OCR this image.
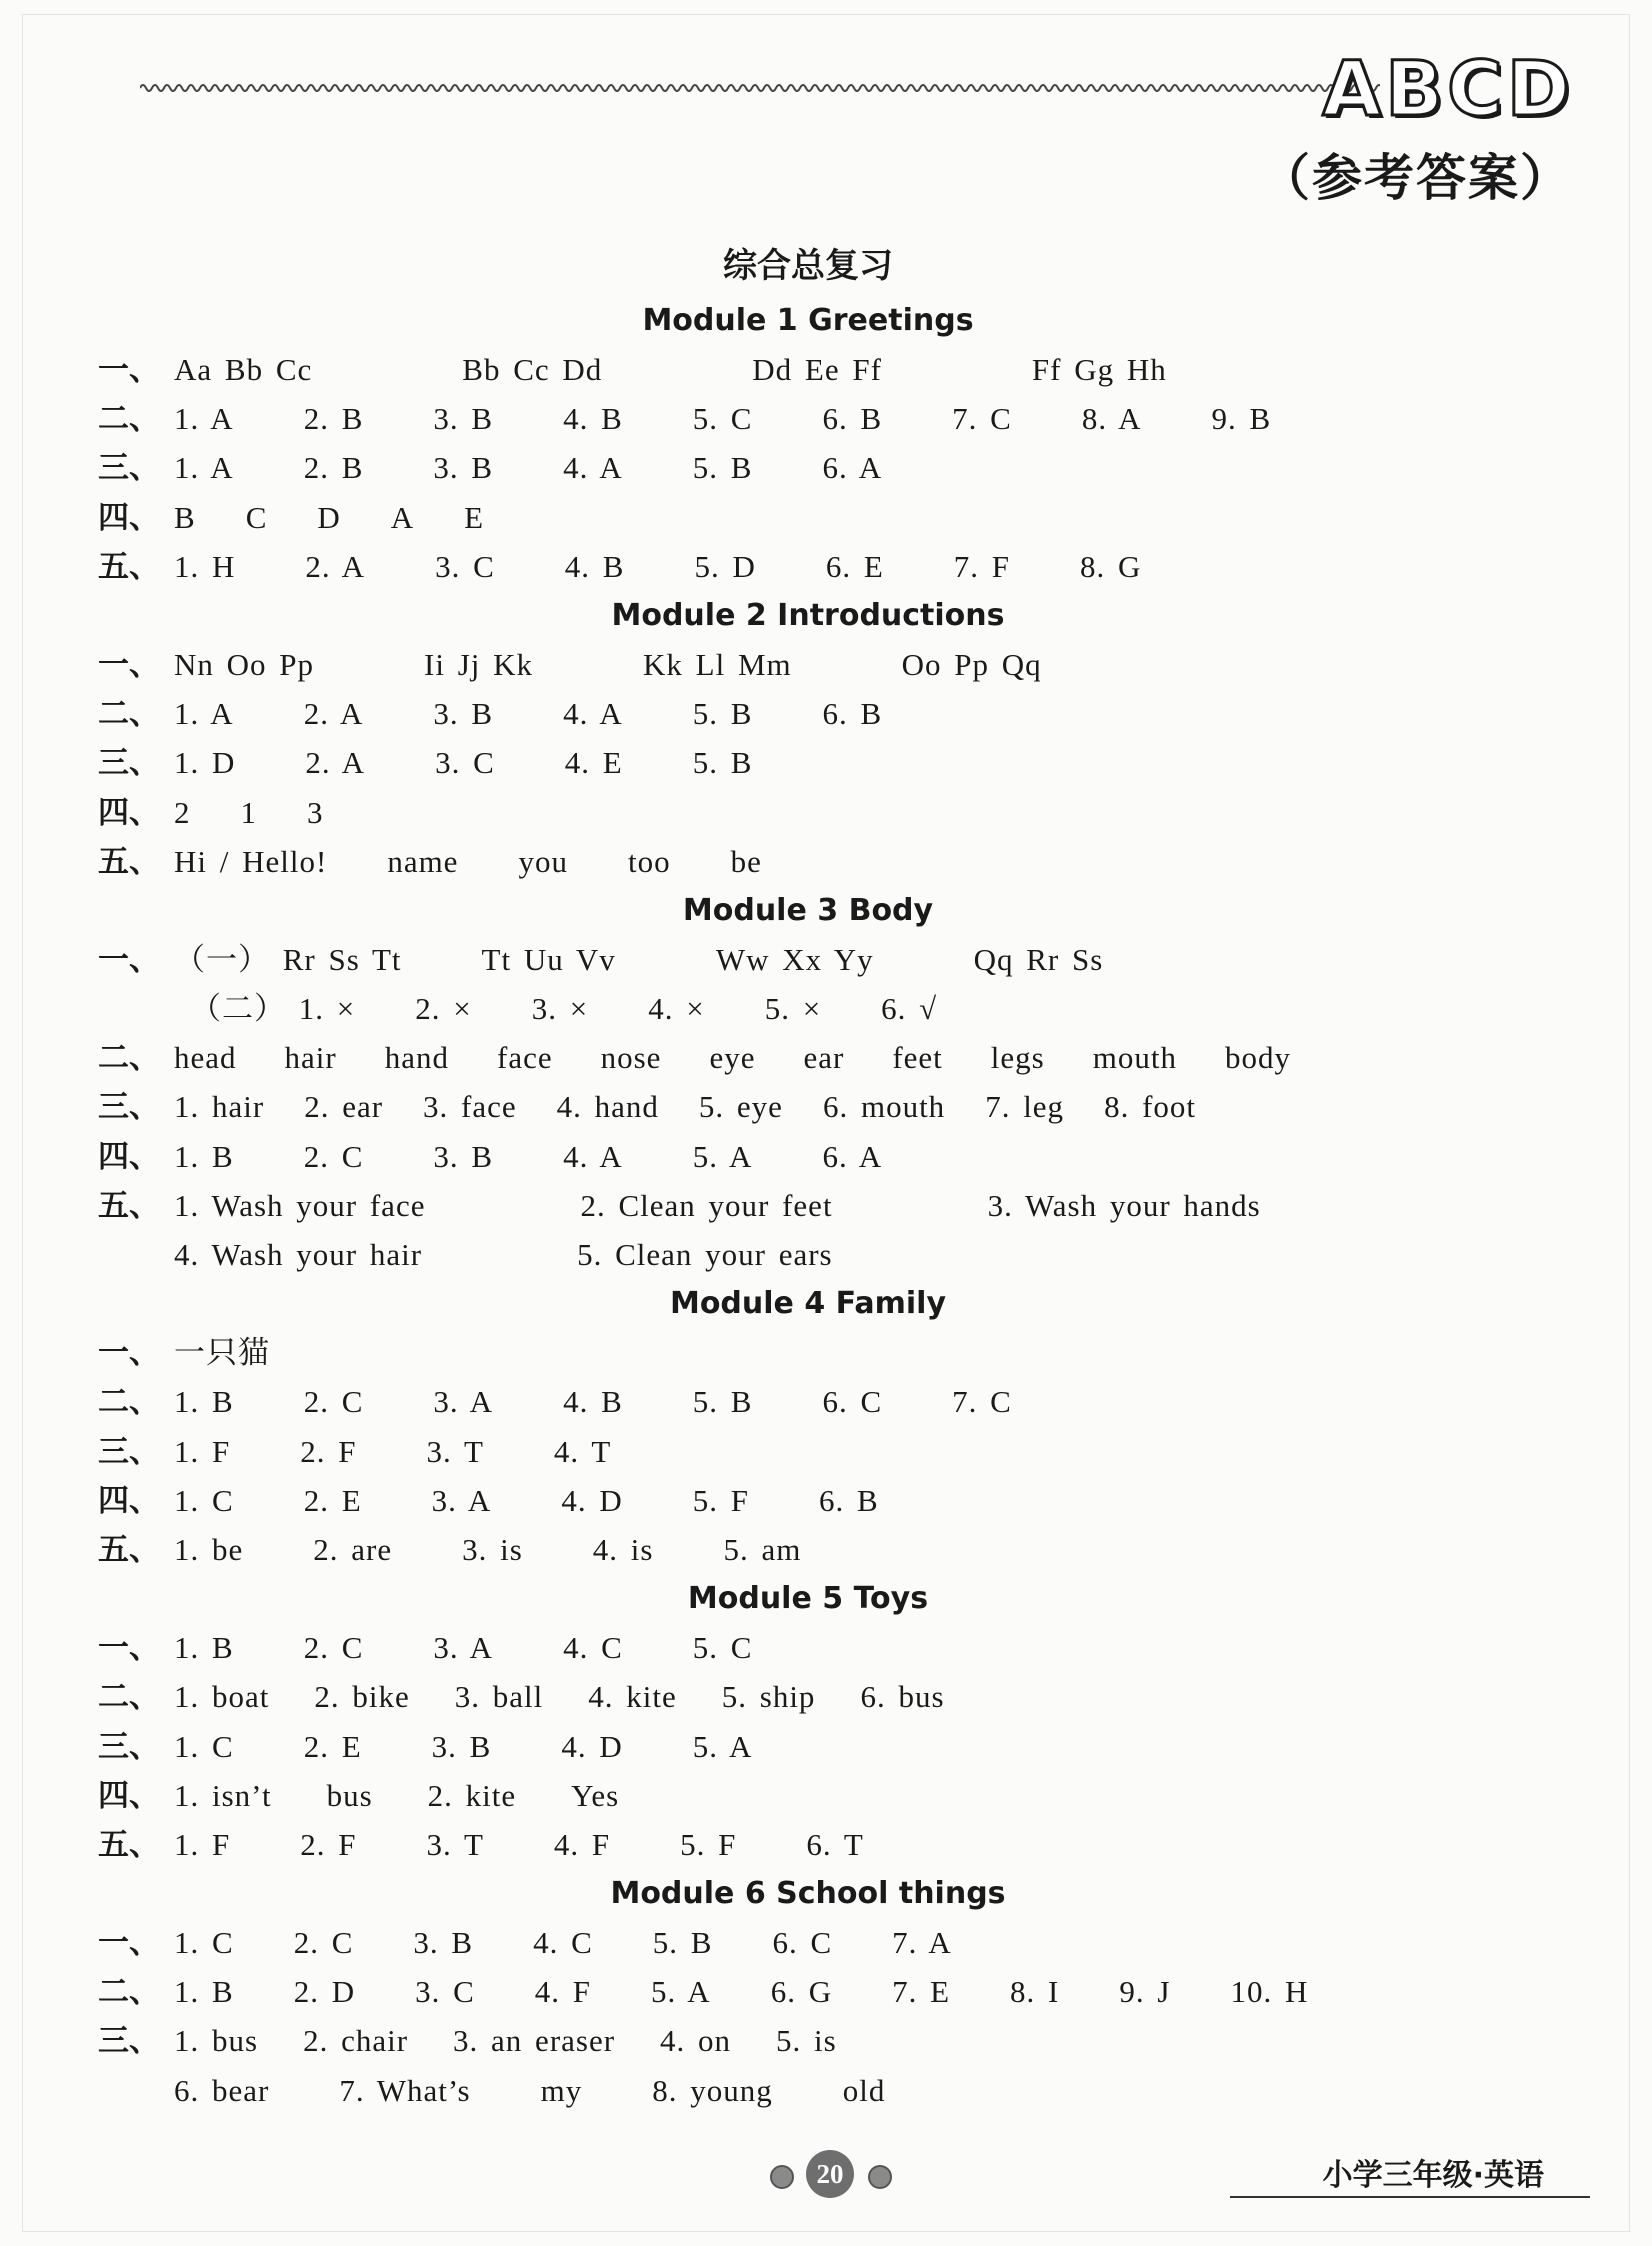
ABCD
（参考答案）
综合总复习
Module 1 Greetings
一、 Aa Bb Cc	Bb Cc Dd	Dd Ee Ff	Ff Gg Hh
二、 1. A 2. B 3. B 4. B 5. C 6. B 7. C 8. A 9. B
三、 1. A 2. B 3. B 4. A 5. B 6. A
四、 B C D A E
五、 1. H 2. A 3. C 4. B 5. D 6. E 7. F 8. G
Module 2 Introductions
一、 Nn Oo Pp	Ii Jj Kk	Kk Ll Mm	Oo Pp Qq
二、 1. A 2. A 3. B 4. A 5. B 6. B
三、 1. D 2. A 3. C 4. E 5. B
四、 2 1 3
五、 Hi / Hello! name you too be
Module 3 Body
一、 （一） Rr Ss Tt	Tt Uu Vv	Ww Xx Yy	Qq Rr Ss
（二） 1. × 2. × 3. × 4. × 5. × 6. √
二、 head hair hand face nose eye ear feet legs mouth body
三、 1. hair 2. ear 3. face 4. hand 5. eye 6. mouth 7. leg 8. foot
四、 1. B 2. C 3. B 4. A 5. A 6. A
五、 1. Wash your face	2. Clean your feet	3. Wash your hands
4. Wash your hair	5. Clean your ears
Module 4 Family
一、 一只猫
二、 1. B 2. C 3. A 4. B 5. B 6. C 7. C
三、 1. F 2. F 3. T 4. T
四、 1. C 2. E 3. A 4. D 5. F 6. B
五、 1. be 2. are 3. is 4. is 5. am
Module 5 Toys
一、 1. B 2. C 3. A 4. C 5. C
二、 1. boat 2. bike 3. ball 4. kite 5. ship 6. bus
三、 1. C 2. E 3. B 4. D 5. A
四、 1. isn’t bus 2. kite Yes
五、 1. F 2. F 3. T 4. F 5. F 6. T
Module 6 School things
一、 1. C 2. C 3. B 4. C 5. B 6. C 7. A
二、 1. B 2. D 3. C 4. F 5. A 6. G 7. E 8. I 9. J 10. H
三、 1. bus 2. chair 3. an eraser 4. on 5. is
6. bear 7. What’s my 8. young old
20	小学三年级·英语
